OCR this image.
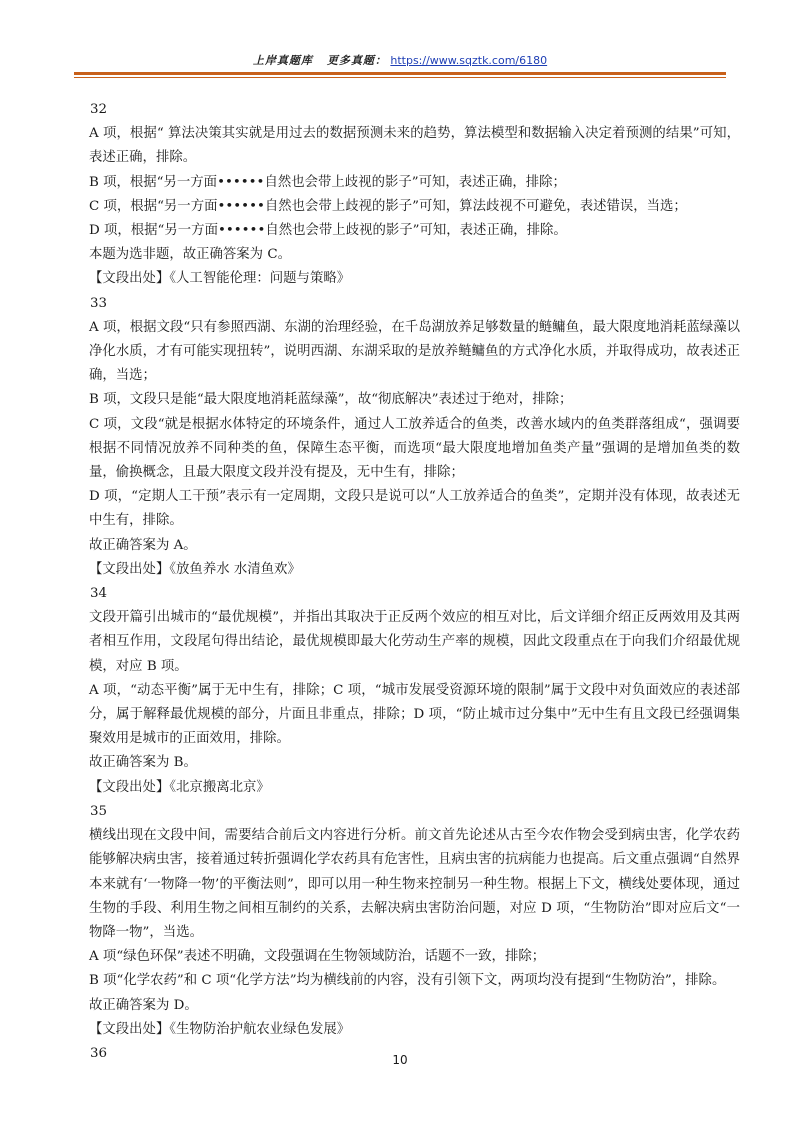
上岸真题库 更多真题： https://www.sqztk.com/6180

32

A 项，根据“ 算法决策其实就是用过去的数据预测未来的趋势，算法模型和数据输入决定着预测的结果”可知，表述正确，排除。

B 项，根据“另一方面••••••自然也会带上歧视的影子”可知，表述正确，排除；

C 项，根据“另一方面••••••自然也会带上歧视的影子”可知，算法歧视不可避免，表述错误，当选；

D 项，根据“另一方面••••••自然也会带上歧视的影子”可知，表述正确，排除。

本题为选非题，故正确答案为 C。

【文段出处】《人工智能伦理：问题与策略》

33

A 项，根据文段“只有参照西湖、东湖的治理经验，在千岛湖放养足够数量的鲢鳙鱼，最大限度地消耗蓝绿藻以净化水质，才有可能实现扭转”，说明西湖、东湖采取的是放养鲢鳙鱼的方式净化水质，并取得成功，故表述正确，当选；

B 项，文段只是能“最大限度地消耗蓝绿藻”，故“彻底解决”表述过于绝对，排除；

C 项，文段“就是根据水体特定的环境条件，通过人工放养适合的鱼类，改善水域内的鱼类群落组成“，强调要根据不同情况放养不同种类的鱼，保障生态平衡，而选项“最大限度地增加鱼类产量”强调的是增加鱼类的数量，偷换概念，且最大限度文段并没有提及，无中生有，排除；

D 项，“定期人工干预”表示有一定周期，文段只是说可以“人工放养适合的鱼类”，定期并没有体现，故表述无中生有，排除。

故正确答案为 A。

【文段出处】《放鱼养水 水清鱼欢》

34

文段开篇引出城市的“最优规模”，并指出其取决于正反两个效应的相互对比，后文详细介绍正反两效用及其两者相互作用，文段尾句得出结论，最优规模即最大化劳动生产率的规模，因此文段重点在于向我们介绍最优规模，对应 B 项。

A 项，“动态平衡”属于无中生有，排除；C 项，“城市发展受资源环境的限制”属于文段中对负面效应的表述部分，属于解释最优规模的部分，片面且非重点，排除；D 项，“防止城市过分集中”无中生有且文段已经强调集聚效用是城市的正面效用，排除。

故正确答案为 B。

【文段出处】《北京搬离北京》

35

横线出现在文段中间，需要结合前后文内容进行分析。前文首先论述从古至今农作物会受到病虫害，化学农药能够解决病虫害，接着通过转折强调化学农药具有危害性，且病虫害的抗病能力也提高。后文重点强调“自然界本来就有‘一物降一物’的平衡法则”，即可以用一种生物来控制另一种生物。根据上下文，横线处要体现，通过生物的手段、利用生物之间相互制约的关系，去解决病虫害防治问题，对应 D 项，“生物防治”即对应后文“一物降一物”，当选。

A 项“绿色环保”表述不明确，文段强调在生物领域防治，话题不一致，排除；

B 项“化学农药”和 C 项“化学方法”均为横线前的内容，没有引领下文，两项均没有提到“生物防治”，排除。

故正确答案为 D。

【文段出处】《生物防治护航农业绿色发展》

36	10
